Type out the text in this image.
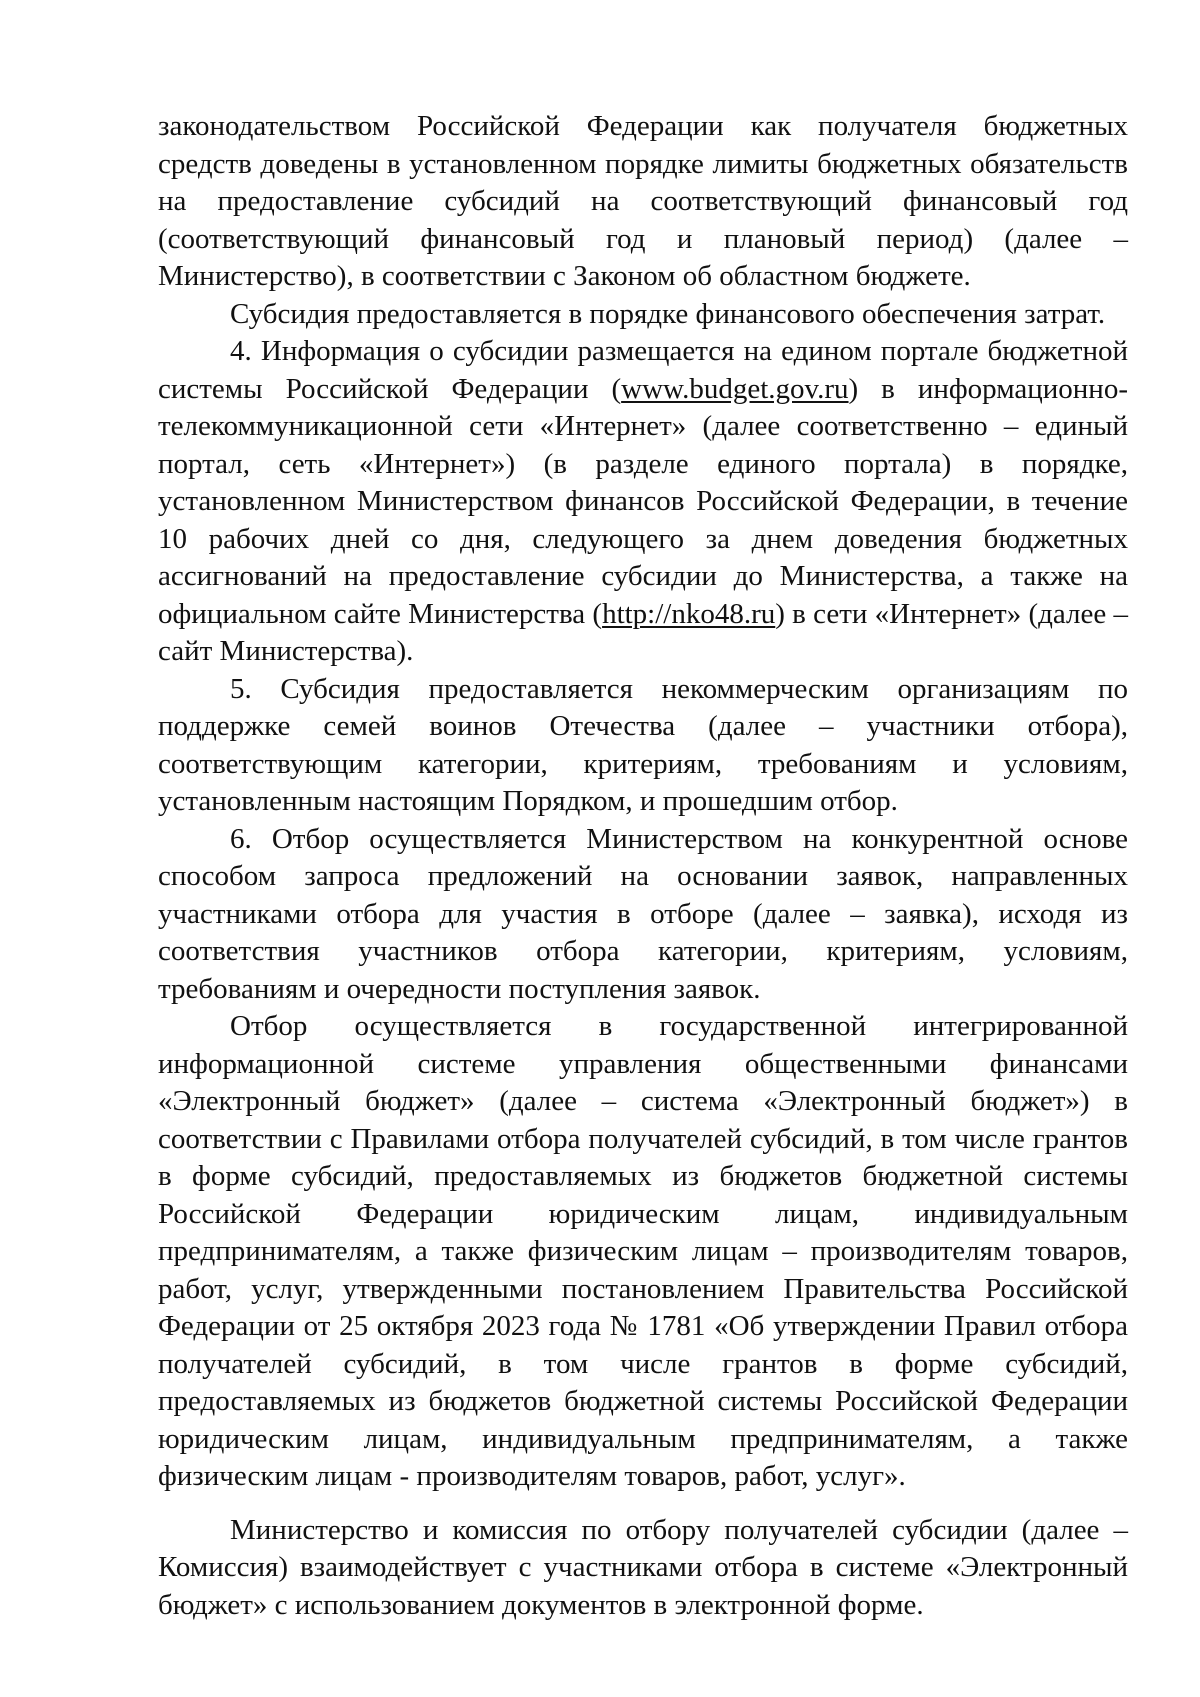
законодательством Российской Федерации как получателя бюджетных средств доведены в установленном порядке лимиты бюджетных обязательств на предоставление субсидий на соответствующий финансовый год (соответствующий финансовый год и плановый период) (далее – Министерство), в соответствии с Законом об областном бюджете.

Субсидия предоставляется в порядке финансового обеспечения затрат.

4. Информация о субсидии размещается на едином портале бюджетной системы Российской Федерации (www.budget.gov.ru) в информационно-телекоммуникационной сети «Интернет» (далее соответственно – единый портал, сеть «Интернет») (в разделе единого портала) в порядке, установленном Министерством финансов Российской Федерации, в течение 10 рабочих дней со дня, следующего за днем доведения бюджетных ассигнований на предоставление субсидии до Министерства, а также на официальном сайте Министерства (http://nko48.ru) в сети «Интернет» (далее – сайт Министерства).

5. Субсидия предоставляется некоммерческим организациям по поддержке семей воинов Отечества (далее – участники отбора), соответствующим категории, критериям, требованиям и условиям, установленным настоящим Порядком, и прошедшим отбор.

6. Отбор осуществляется Министерством на конкурентной основе способом запроса предложений на основании заявок, направленных участниками отбора для участия в отборе (далее – заявка), исходя из соответствия участников отбора категории, критериям, условиям, требованиям и очередности поступления заявок.

Отбор осуществляется в государственной интегрированной информационной системе управления общественными финансами «Электронный бюджет» (далее – система «Электронный бюджет») в соответствии с Правилами отбора получателей субсидий, в том числе грантов в форме субсидий, предоставляемых из бюджетов бюджетной системы Российской Федерации юридическим лицам, индивидуальным предпринимателям, а также физическим лицам – производителям товаров, работ, услуг, утвержденными постановлением Правительства Российской Федерации от 25 октября 2023 года № 1781 «Об утверждении Правил отбора получателей субсидий, в том числе грантов в форме субсидий, предоставляемых из бюджетов бюджетной системы Российской Федерации юридическим лицам, индивидуальным предпринимателям, а также физическим лицам - производителям товаров, работ, услуг».

Министерство и комиссия по отбору получателей субсидии (далее – Комиссия) взаимодействует с участниками отбора в системе «Электронный бюджет» с использованием документов в электронной форме.
